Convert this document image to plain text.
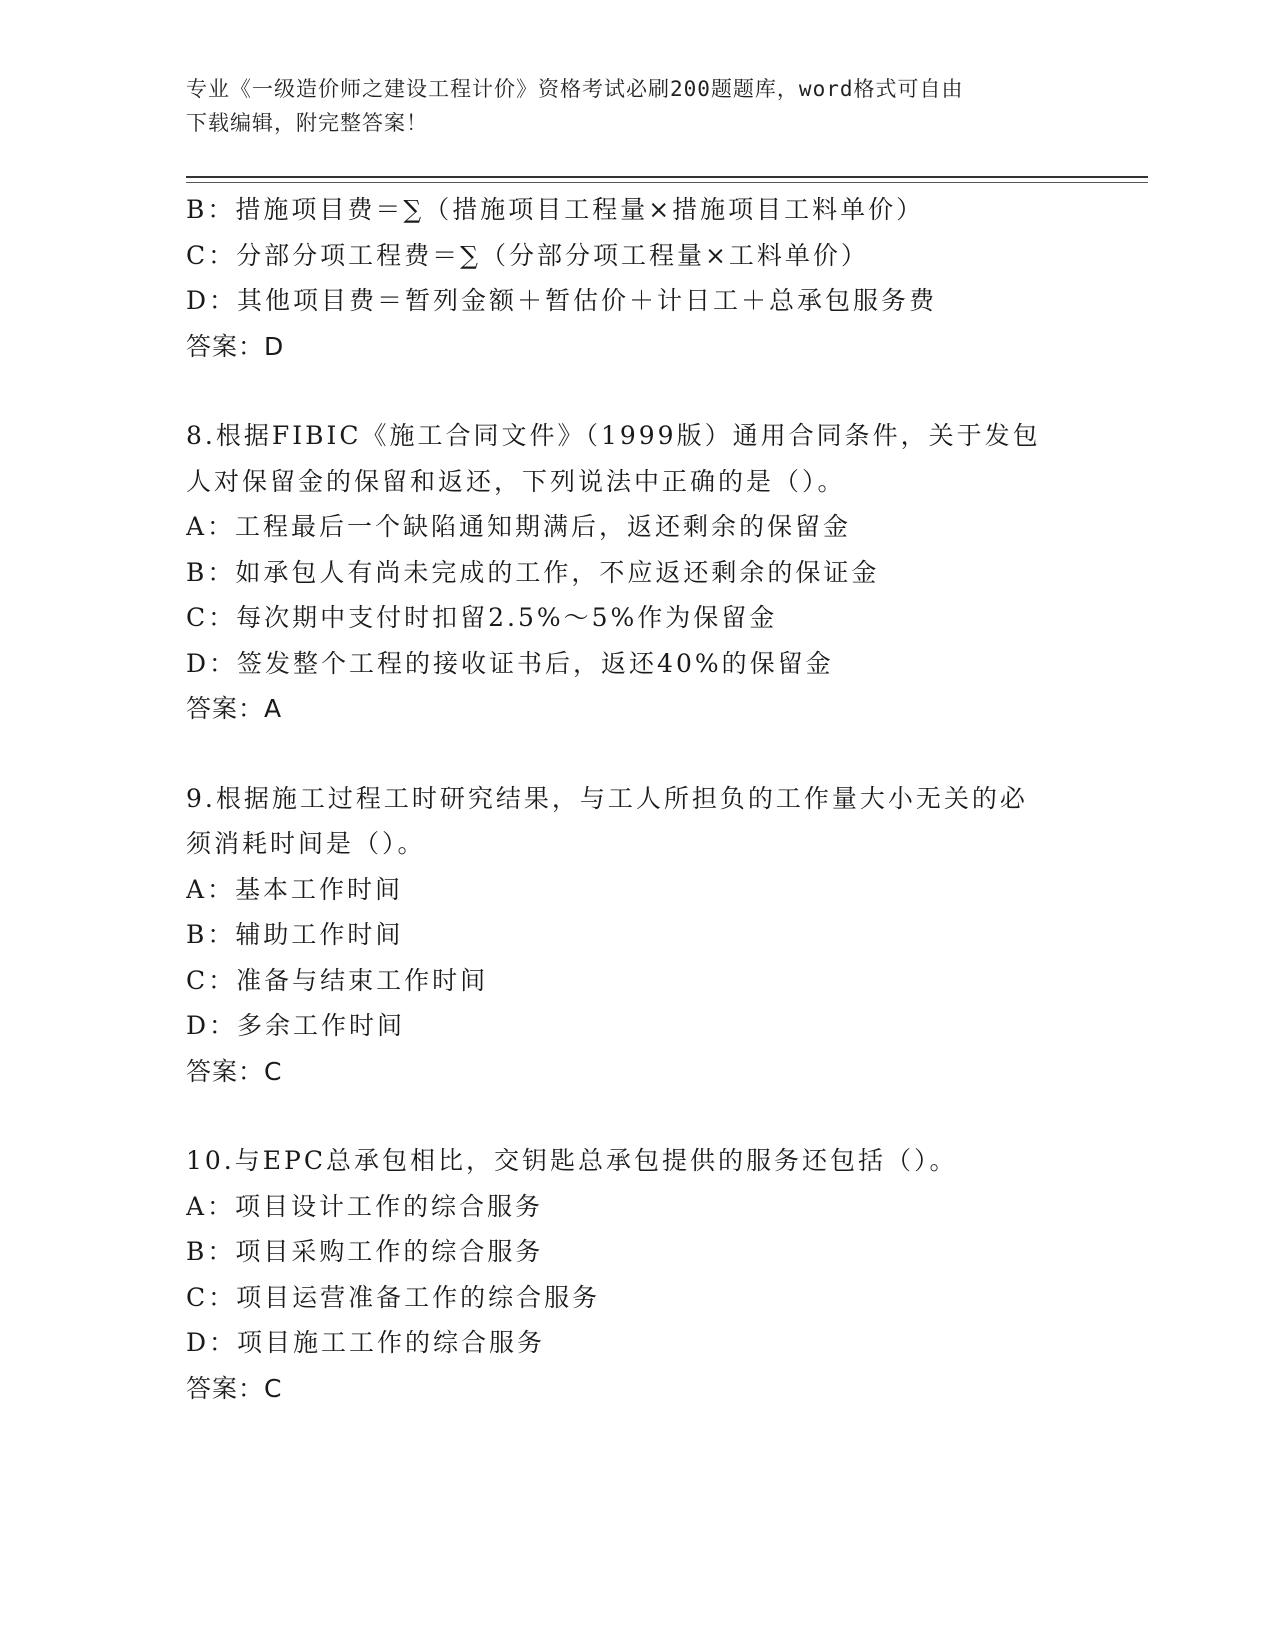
专业《一级造价师之建设工程计价》资格考试必刷200题题库，word格式可自由
下载编辑，附完整答案！
B：措施项目费＝∑（措施项目工程量×措施项目工料单价）
C：分部分项工程费＝∑（分部分项工程量×工料单价）
D：其他项目费＝暂列金额＋暂估价＋计日工＋总承包服务费
答案：D
8.根据FIBIC《施工合同文件》（1999版）通用合同条件，关于发包
人对保留金的保留和返还，下列说法中正确的是（）。
A：工程最后一个缺陷通知期满后，返还剩余的保留金
B：如承包人有尚未完成的工作，不应返还剩余的保证金
C：每次期中支付时扣留2.5%～5%作为保留金
D：签发整个工程的接收证书后，返还40%的保留金
答案：A
9.根据施工过程工时研究结果，与工人所担负的工作量大小无关的必
须消耗时间是（）。
A：基本工作时间
B：辅助工作时间
C：准备与结束工作时间
D：多余工作时间
答案：C
10.与EPC总承包相比，交钥匙总承包提供的服务还包括（）。
A：项目设计工作的综合服务
B：项目采购工作的综合服务
C：项目运营准备工作的综合服务
D：项目施工工作的综合服务
答案：C
